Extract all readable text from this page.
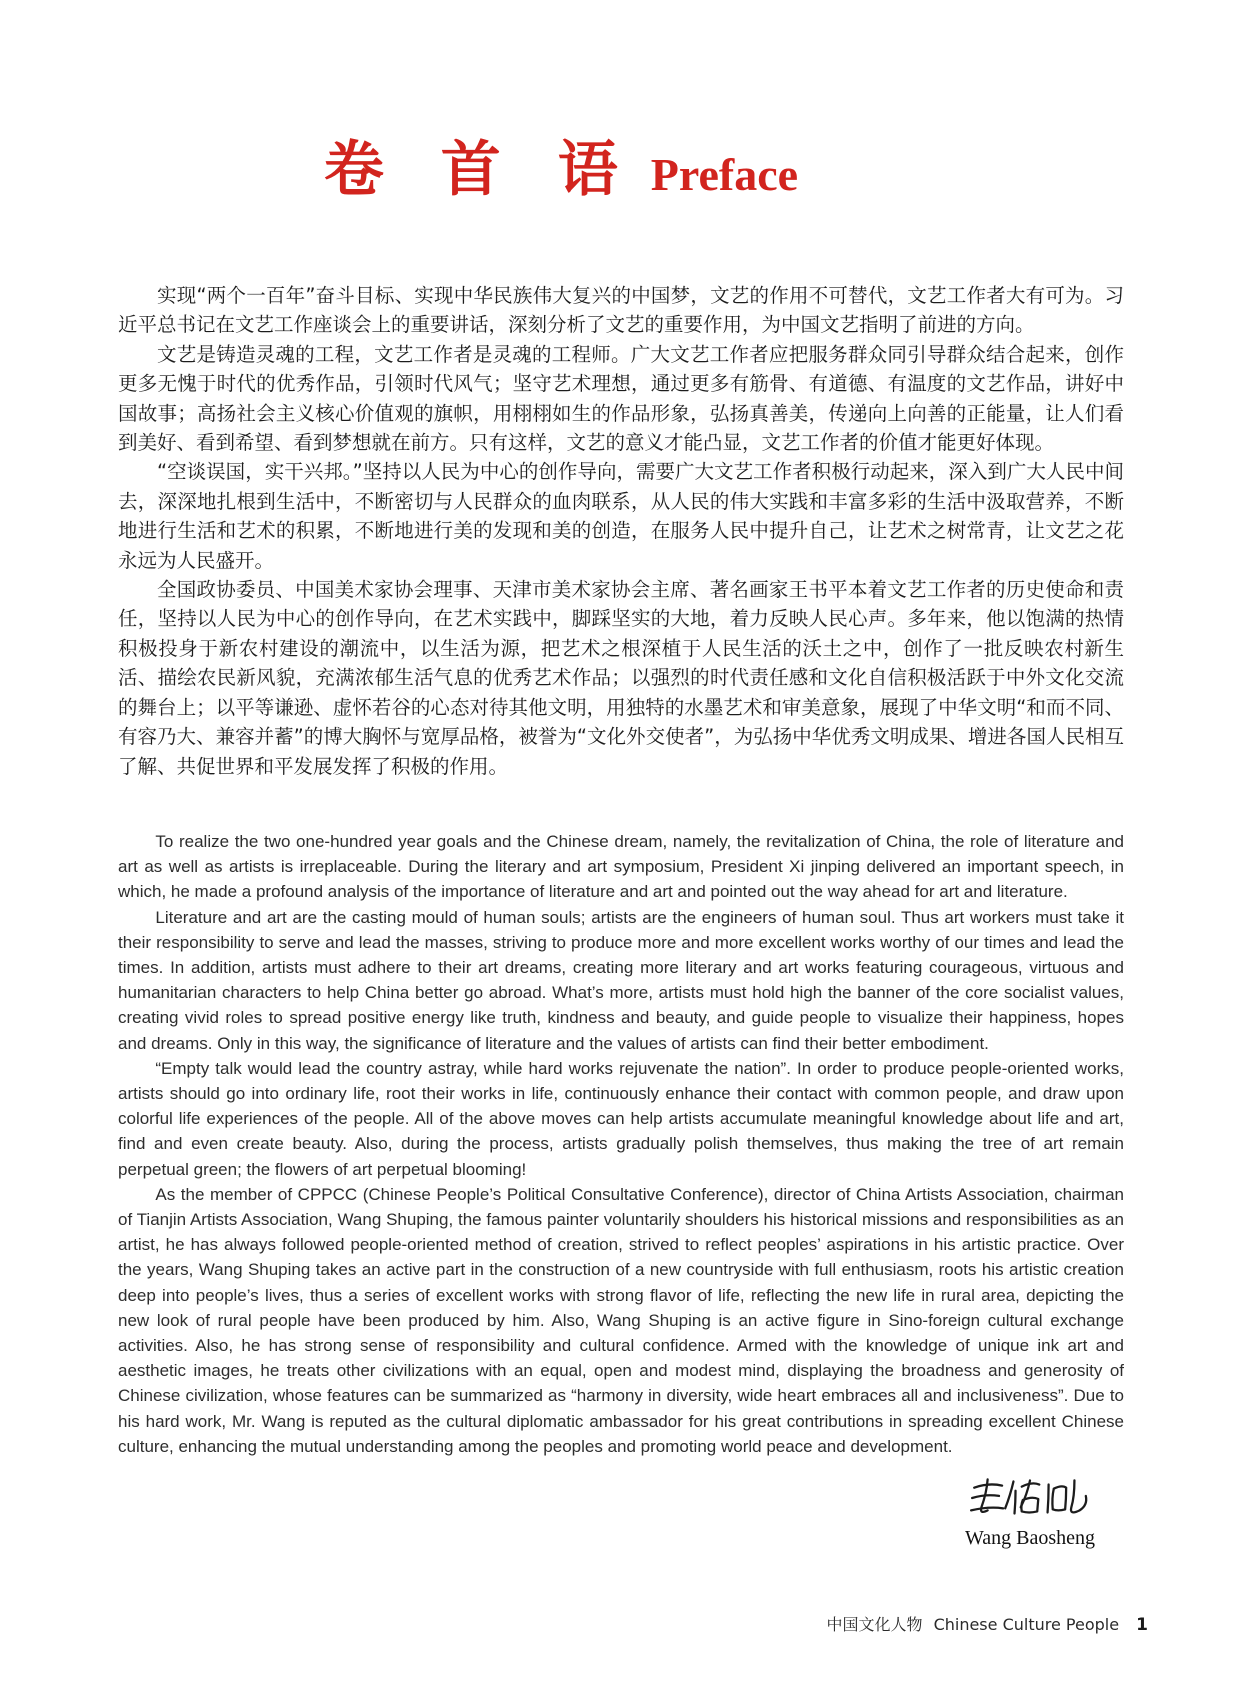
卷 首 语 Preface

实现“两个一百年”奋斗目标、实现中华民族伟大复兴的中国梦，文艺的作用不可替代，文艺工作者大有可为。习近平总书记在文艺工作座谈会上的重要讲话，深刻分析了文艺的重要作用，为中国文艺指明了前进的方向。

文艺是铸造灵魂的工程，文艺工作者是灵魂的工程师。广大文艺工作者应把服务群众同引导群众结合起来，创作更多无愧于时代的优秀作品，引领时代风气；坚守艺术理想，通过更多有筋骨、有道德、有温度的文艺作品，讲好中国故事；高扬社会主义核心价值观的旗帜，用栩栩如生的作品形象，弘扬真善美，传递向上向善的正能量，让人们看到美好、看到希望、看到梦想就在前方。只有这样，文艺的意义才能凸显，文艺工作者的价值才能更好体现。

“空谈误国，实干兴邦。”坚持以人民为中心的创作导向，需要广大文艺工作者积极行动起来，深入到广大人民中间去，深深地扎根到生活中，不断密切与人民群众的血肉联系，从人民的伟大实践和丰富多彩的生活中汲取营养，不断地进行生活和艺术的积累，不断地进行美的发现和美的创造，在服务人民中提升自己，让艺术之树常青，让文艺之花永远为人民盛开。

全国政协委员、中国美术家协会理事、天津市美术家协会主席、著名画家王书平本着文艺工作者的历史使命和责任，坚持以人民为中心的创作导向，在艺术实践中，脚踩坚实的大地，着力反映人民心声。多年来，他以饱满的热情积极投身于新农村建设的潮流中，以生活为源，把艺术之根深植于人民生活的沃土之中，创作了一批反映农村新生活、描绘农民新风貌，充满浓郁生活气息的优秀艺术作品；以强烈的时代责任感和文化自信积极活跃于中外文化交流的舞台上；以平等谦逊、虚怀若谷的心态对待其他文明，用独特的水墨艺术和审美意象，展现了中华文明“和而不同、有容乃大、兼容并蓄”的博大胸怀与宽厚品格，被誉为“文化外交使者”，为弘扬中华优秀文明成果、增进各国人民相互了解、共促世界和平发展发挥了积极的作用。

To realize the two one-hundred year goals and the Chinese dream, namely, the revitalization of China, the role of literature and art as well as artists is irreplaceable. During the literary and art symposium, President Xi jinping delivered an important speech, in which, he made a profound analysis of the importance of literature and art and pointed out the way ahead for art and literature.

Literature and art are the casting mould of human souls; artists are the engineers of human soul. Thus art workers must take it their responsibility to serve and lead the masses, striving to produce more and more excellent works worthy of our times and lead the times. In addition, artists must adhere to their art dreams, creating more literary and art works featuring courageous, virtuous and humanitarian characters to help China better go abroad. What’s more, artists must hold high the banner of the core socialist values, creating vivid roles to spread positive energy like truth, kindness and beauty, and guide people to visualize their happiness, hopes and dreams. Only in this way, the significance of literature and the values of artists can find their better embodiment.

“Empty talk would lead the country astray, while hard works rejuvenate the nation”. In order to produce people-oriented works, artists should go into ordinary life, root their works in life, continuously enhance their contact with common people, and draw upon colorful life experiences of the people. All of the above moves can help artists accumulate meaningful knowledge about life and art, find and even create beauty. Also, during the process, artists gradually polish themselves, thus making the tree of art remain perpetual green; the flowers of art perpetual blooming!

As the member of CPPCC (Chinese People’s Political Consultative Conference), director of China Artists Association, chairman of Tianjin Artists Association, Wang Shuping, the famous painter voluntarily shoulders his historical missions and responsibilities as an artist, he has always followed people-oriented method of creation, strived to reflect peoples’ aspirations in his artistic practice. Over the years, Wang Shuping takes an active part in the construction of a new countryside with full enthusiasm, roots his artistic creation deep into people’s lives, thus a series of excellent works with strong flavor of life, reflecting the new life in rural area, depicting the new look of rural people have been produced by him. Also, Wang Shuping is an active figure in Sino-foreign cultural exchange activities. Also, he has strong sense of responsibility and cultural confidence. Armed with the knowledge of unique ink art and aesthetic images, he treats other civilizations with an equal, open and modest mind, displaying the broadness and generosity of Chinese civilization, whose features can be summarized as “harmony in diversity, wide heart embraces all and inclusiveness”. Due to his hard work, Mr. Wang is reputed as the cultural diplomatic ambassador for his great contributions in spreading excellent Chinese culture, enhancing the mutual understanding among the peoples and promoting world peace and development.

Wang Baosheng
中国文化人物 Chinese Culture People 1
